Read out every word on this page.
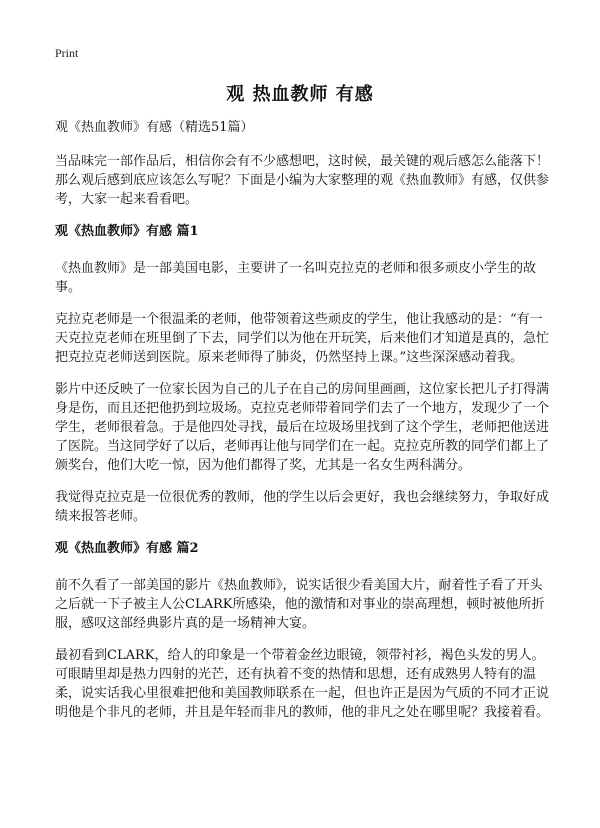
Print
观 热血教师 有感

观《热血教师》有感（精选51篇）

当品味完一部作品后，相信你会有不少感想吧，这时候，最关键的观后感怎么能落下！那么观后感到底应该怎么写呢？下面是小编为大家整理的观《热血教师》有感，仅供参考，大家一起来看看吧。

观《热血教师》有感 篇1

《热血教师》是一部美国电影，主要讲了一名叫克拉克的老师和很多顽皮小学生的故事。

克拉克老师是一个很温柔的老师，他带领着这些顽皮的学生，他让我感动的是：“有一天克拉克老师在班里倒了下去，同学们以为他在开玩笑，后来他们才知道是真的，急忙把克拉克老师送到医院。原来老师得了肺炎，仍然坚持上课。”这些深深感动着我。

影片中还反映了一位家长因为自己的儿子在自己的房间里画画，这位家长把儿子打得满身是伤，而且还把他扔到垃圾场。克拉克老师带着同学们去了一个地方，发现少了一个学生，老师很着急。于是他四处寻找，最后在垃圾场里找到了这个学生，老师把他送进了医院。当这同学好了以后，老师再让他与同学们在一起。克拉克所教的同学们都上了颁奖台，他们大吃一惊，因为他们都得了奖，尤其是一名女生两科满分。

我觉得克拉克是一位很优秀的教师，他的学生以后会更好，我也会继续努力，争取好成绩来报答老师。

观《热血教师》有感 篇2

前不久看了一部美国的影片《热血教师》，说实话很少看美国大片，耐着性子看了开头之后就一下子被主人公CLARK所感染，他的激情和对事业的崇高理想，顿时被他所折服，感叹这部经典影片真的是一场精神大宴。

最初看到CLARK，给人的印象是一个带着金丝边眼镜，领带衬衫，褐色头发的男人。可眼睛里却是热力四射的光芒，还有执着不变的热情和思想，还有成熟男人特有的温柔，说实话我心里很难把他和美国教师联系在一起，但也许正是因为气质的不同才正说明他是个非凡的老师，并且是年轻而非凡的教师，他的非凡之处在哪里呢？我接着看。
